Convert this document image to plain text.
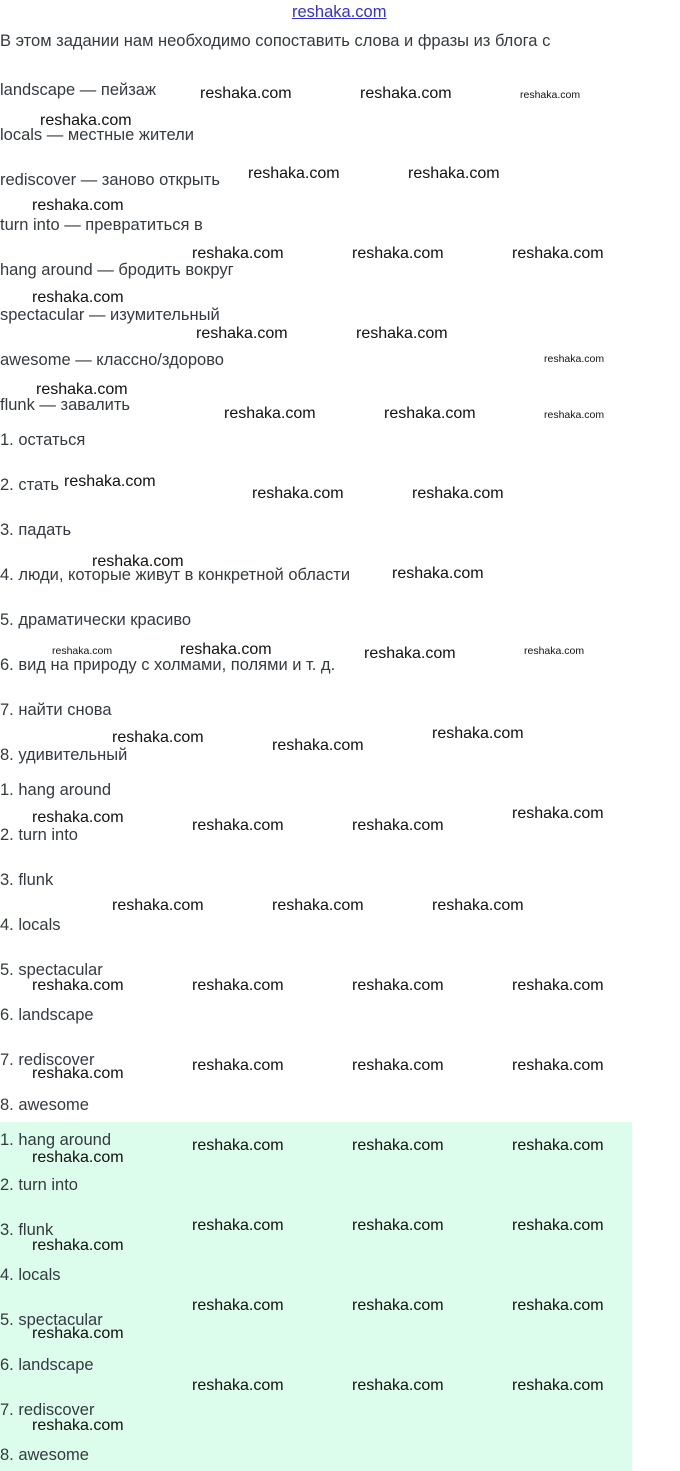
reshaka.com
В этом задании нам необходимо сопоставить слова и фразы из блога с
landscape — пейзаж
locals — местные жители
rediscover — заново открыть
turn into — превратиться в
hang around — бродить вокруг
spectacular — изумительный
awesome — классно/здорово
flunk — завалить
1. остаться
2. стать
3. падать
4. люди, которые живут в конкретной области
5. драматически красиво
6. вид на природу с холмами, полями и т. д.
7. найти снова
8. удивительный
1. hang around
2. turn into
3. flunk
4. locals
5. spectacular
6. landscape
7. rediscover
8. awesome
1. hang around
2. turn into
3. flunk
4. locals
5. spectacular
6. landscape
7. rediscover
8. awesome
reshaka.com	reshaka.com	reshaka.com
reshaka.com
reshaka.com	reshaka.com
reshaka.com
reshaka.com	reshaka.com	reshaka.com
reshaka.com
reshaka.com	reshaka.com
reshaka.com
reshaka.com
reshaka.com	reshaka.com	reshaka.com
reshaka.com
reshaka.com	reshaka.com
reshaka.com
reshaka.com
reshaka.com	reshaka.com	reshaka.com	reshaka.com
reshaka.com	reshaka.com
reshaka.com
reshaka.com	reshaka.com
reshaka.com	reshaka.com
reshaka.com	reshaka.com	reshaka.com
reshaka.com	reshaka.com	reshaka.com	reshaka.com
reshaka.com	reshaka.com	reshaka.com	reshaka.com
reshaka.com	reshaka.com	reshaka.com
reshaka.com
reshaka.com	reshaka.com	reshaka.com
reshaka.com
reshaka.com	reshaka.com	reshaka.com
reshaka.com
reshaka.com	reshaka.com	reshaka.com
reshaka.com
